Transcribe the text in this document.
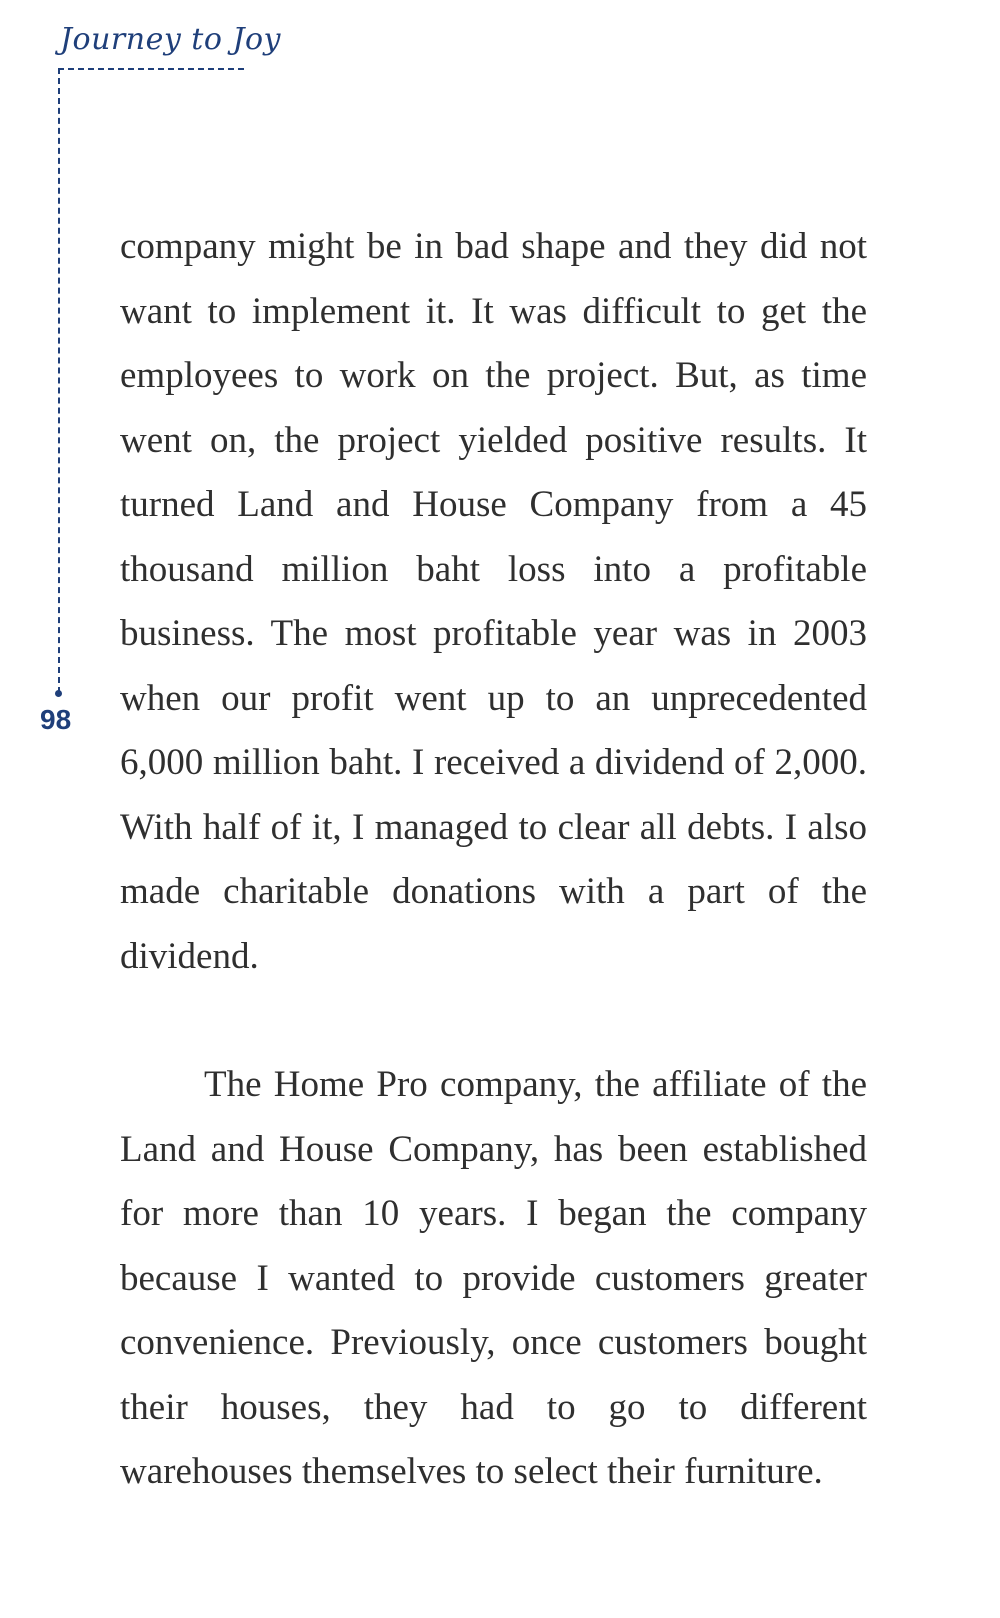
Journey to Joy
98

company might be in bad shape and they did not want to implement it. It was difficult to get the employees to work on the project. But, as time went on, the project yielded positive results. It turned Land and House Company from a 45 thousand million baht loss into a profitable business. The most profitable year was in 2003 when our profit went up to an unprecedented 6,000 million baht. I received a dividend of 2,000. With half of it, I managed to clear all debts. I also made charitable donations with a part of the dividend.

The Home Pro company, the affiliate of the Land and House Company, has been established for more than 10 years. I began the company because I wanted to provide customers greater convenience. Previously, once customers bought their houses, they had to go to different warehouses themselves to select their furniture.
